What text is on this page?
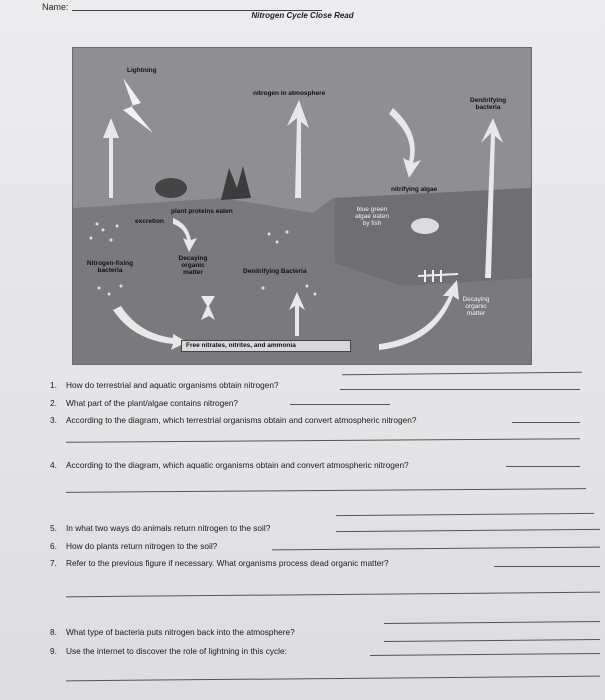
Name:
Nitrogen Cycle Close Read
Lightning
nitrogen in atmosphere
Denitrifying
bacteria
nitrifying algae
plant proteins eaten
excretion
blue green
algae eaten
by fish
Nitrogen-fixing
bacteria
Decaying
organic
matter	Denitrifying Bacteria
Decaying
organic
matter
Free nitrates, nitrites, and ammonia
1. How do terrestrial and aquatic organisms obtain nitrogen?
2. What part of the plant/algae contains nitrogen?
3. According to the diagram, which terrestrial organisms obtain and convert atmospheric nitrogen?
4. According to the diagram, which aquatic organisms obtain and convert atmospheric nitrogen?
5. In what two ways do animals return nitrogen to the soil?
6. How do plants return nitrogen to the soil?
7. Refer to the previous figure if necessary. What organisms process dead organic matter?
8. What type of bacteria puts nitrogen back into the atmosphere?
9. Use the internet to discover the role of lightning in this cycle:
